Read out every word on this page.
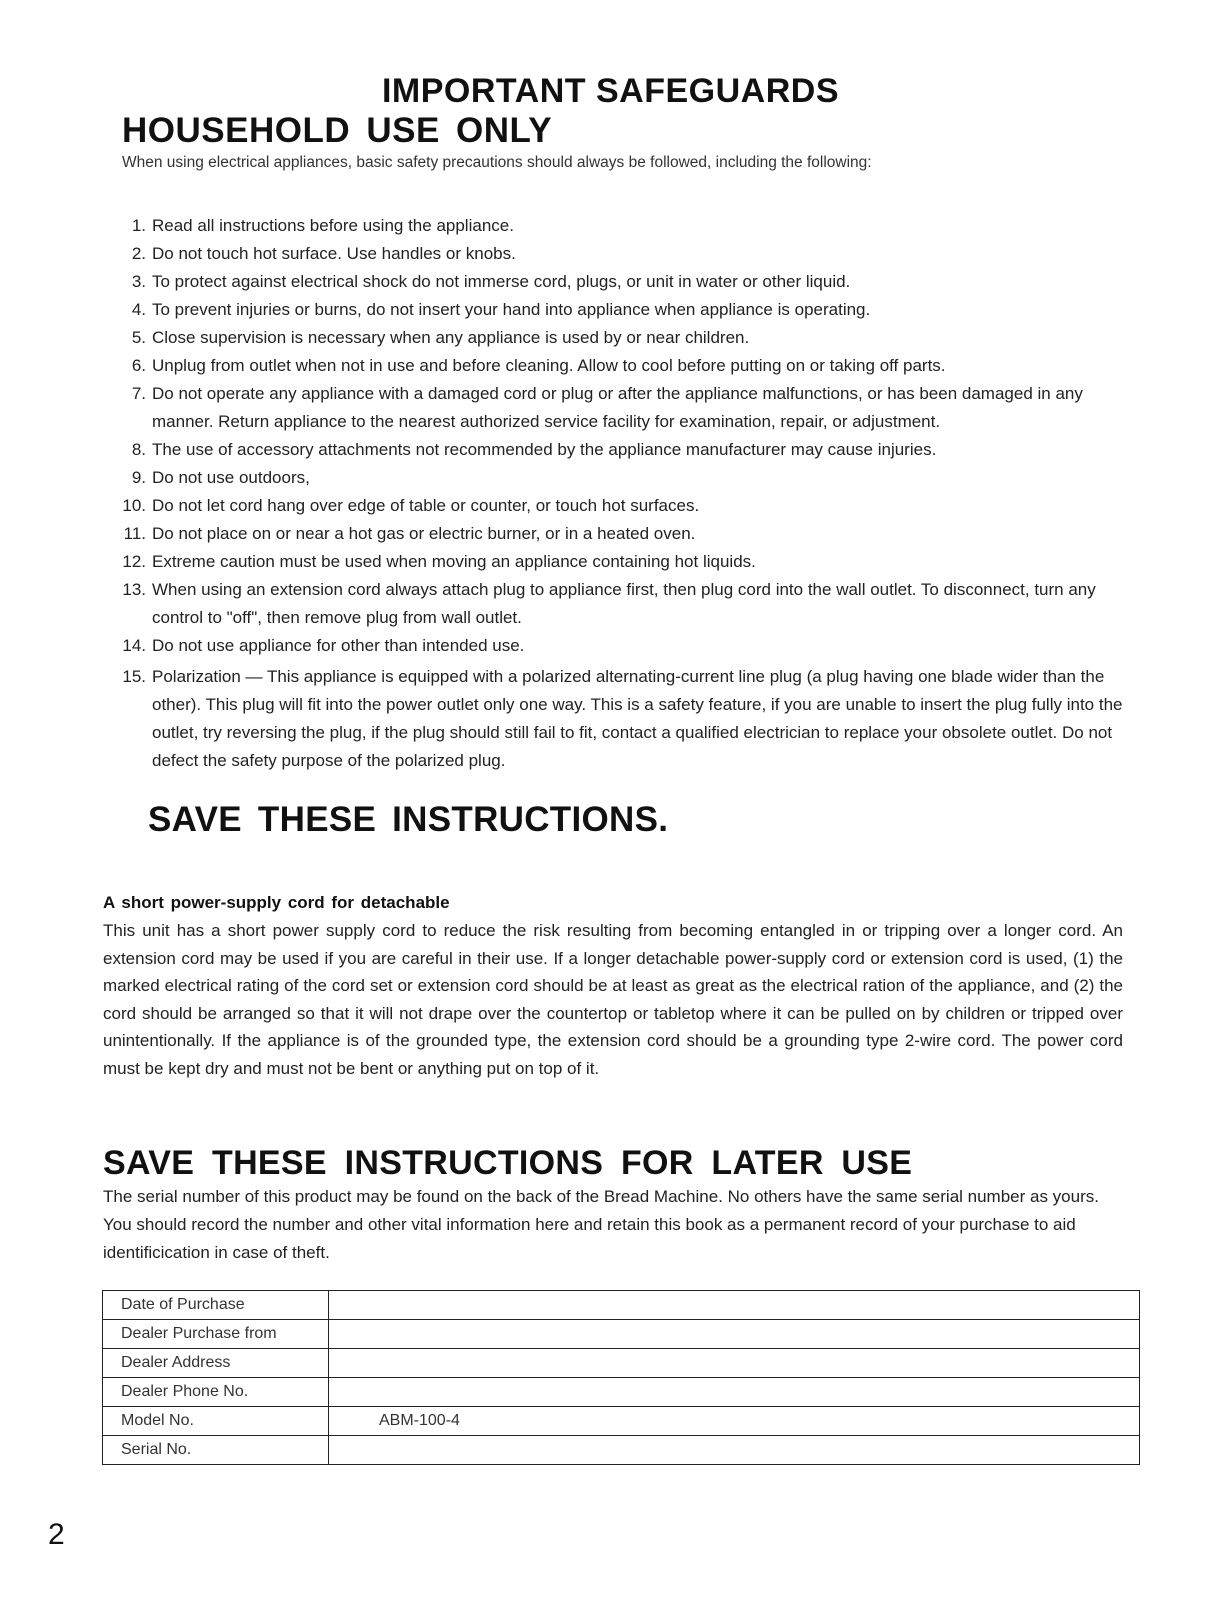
IMPORTANT SAFEGUARDS
HOUSEHOLD USE ONLY

When using electrical appliances, basic safety precautions should always be followed, including the following:

1. Read all instructions before using the appliance.
2. Do not touch hot surface. Use handles or knobs.
3. To protect against electrical shock do not immerse cord, plugs, or unit in water or other liquid.
4. To prevent injuries or burns, do not insert your hand into appliance when appliance is operating.
5. Close supervision is necessary when any appliance is used by or near children.
6. Unplug from outlet when not in use and before cleaning. Allow to cool before putting on or taking off parts.
7. Do not operate any appliance with a damaged cord or plug or after the appliance malfunctions, or has been damaged in any manner. Return appliance to the nearest authorized service facility for examination, repair, or adjustment.
8. The use of accessory attachments not recommended by the appliance manufacturer may cause injuries.
9. Do not use outdoors,
10. Do not let cord hang over edge of table or counter, or touch hot surfaces.
11. Do not place on or near a hot gas or electric burner, or in a heated oven.
12. Extreme caution must be used when moving an appliance containing hot liquids.
13. When using an extension cord always attach plug to appliance first, then plug cord into the wall outlet. To disconnect, turn any control to "off", then remove plug from wall outlet.
14. Do not use appliance for other than intended use.
15. Polarization — This appliance is equipped with a polarized alternating-current line plug (a plug having one blade wider than the other). This plug will fit into the power outlet only one way. This is a safety feature, if you are unable to insert the plug fully into the outlet, try reversing the plug, if the plug should still fail to fit, contact a qualified electrician to replace your obsolete outlet. Do not defect the safety purpose of the polarized plug.
SAVE THESE INSTRUCTIONS.
A short power-supply cord for detachable

This unit has a short power supply cord to reduce the risk resulting from becoming entangled in or tripping over a longer cord. An extension cord may be used if you are careful in their use. If a longer detachable power-supply cord or extension cord is used, (1) the marked electrical rating of the cord set or extension cord should be at least as great as the electrical ration of the appliance, and (2) the cord should be arranged so that it will not drape over the countertop or tabletop where it can be pulled on by children or tripped over unintentionally. If the appliance is of the grounded type, the extension cord should be a grounding type 2-wire cord. The power cord must be kept dry and must not be bent or anything put on top of it.

SAVE THESE INSTRUCTIONS FOR LATER USE

The serial number of this product may be found on the back of the Bread Machine. No others have the same serial number as yours. You should record the number and other vital information here and retain this book as a permanent record of your purchase to aid identificication in case of theft.

Date of Purchase	
Dealer Purchase from	
Dealer Address	
Dealer Phone No.	
Model No.	ABM-100-4
Serial No.	

2
